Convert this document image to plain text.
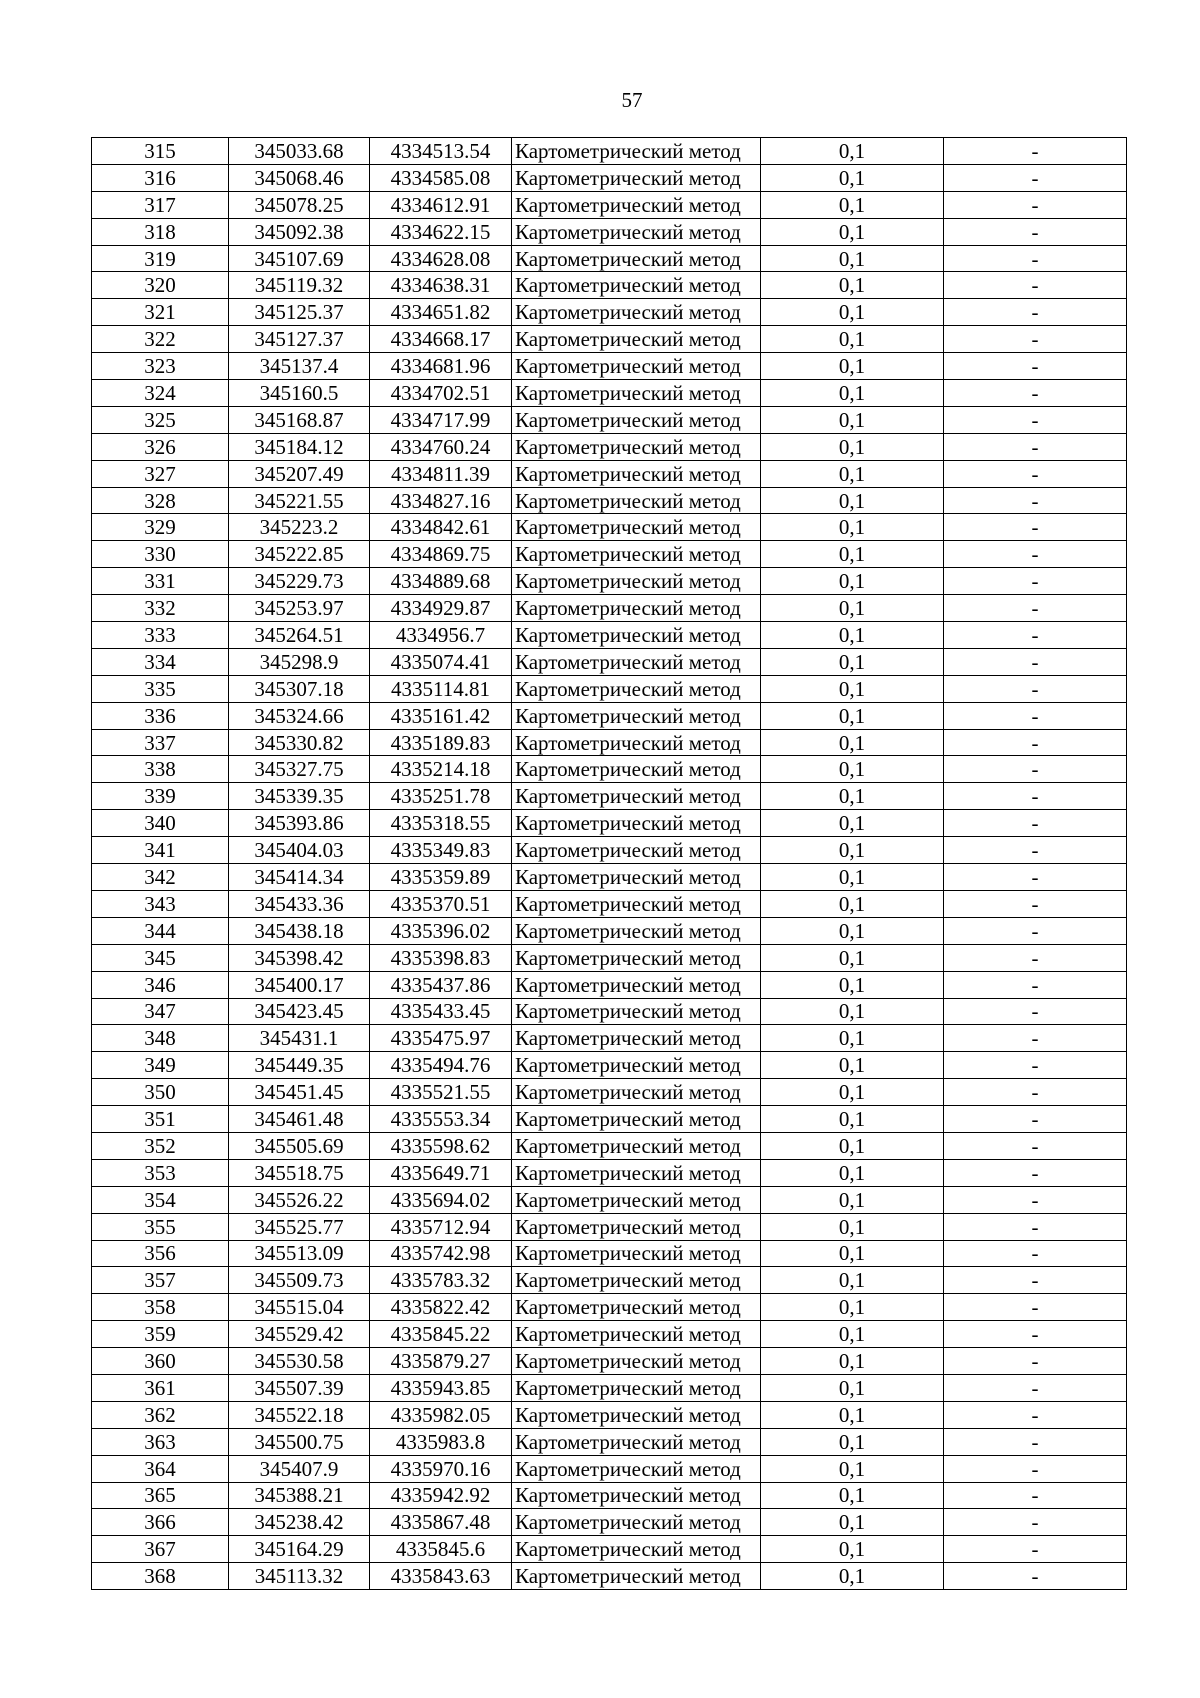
57
315	345033.68	4334513.54	Картометрический метод	0,1	-
316	345068.46	4334585.08	Картометрический метод	0,1	-
317	345078.25	4334612.91	Картометрический метод	0,1	-
318	345092.38	4334622.15	Картометрический метод	0,1	-
319	345107.69	4334628.08	Картометрический метод	0,1	-
320	345119.32	4334638.31	Картометрический метод	0,1	-
321	345125.37	4334651.82	Картометрический метод	0,1	-
322	345127.37	4334668.17	Картометрический метод	0,1	-
323	345137.4	4334681.96	Картометрический метод	0,1	-
324	345160.5	4334702.51	Картометрический метод	0,1	-
325	345168.87	4334717.99	Картометрический метод	0,1	-
326	345184.12	4334760.24	Картометрический метод	0,1	-
327	345207.49	4334811.39	Картометрический метод	0,1	-
328	345221.55	4334827.16	Картометрический метод	0,1	-
329	345223.2	4334842.61	Картометрический метод	0,1	-
330	345222.85	4334869.75	Картометрический метод	0,1	-
331	345229.73	4334889.68	Картометрический метод	0,1	-
332	345253.97	4334929.87	Картометрический метод	0,1	-
333	345264.51	4334956.7	Картометрический метод	0,1	-
334	345298.9	4335074.41	Картометрический метод	0,1	-
335	345307.18	4335114.81	Картометрический метод	0,1	-
336	345324.66	4335161.42	Картометрический метод	0,1	-
337	345330.82	4335189.83	Картометрический метод	0,1	-
338	345327.75	4335214.18	Картометрический метод	0,1	-
339	345339.35	4335251.78	Картометрический метод	0,1	-
340	345393.86	4335318.55	Картометрический метод	0,1	-
341	345404.03	4335349.83	Картометрический метод	0,1	-
342	345414.34	4335359.89	Картометрический метод	0,1	-
343	345433.36	4335370.51	Картометрический метод	0,1	-
344	345438.18	4335396.02	Картометрический метод	0,1	-
345	345398.42	4335398.83	Картометрический метод	0,1	-
346	345400.17	4335437.86	Картометрический метод	0,1	-
347	345423.45	4335433.45	Картометрический метод	0,1	-
348	345431.1	4335475.97	Картометрический метод	0,1	-
349	345449.35	4335494.76	Картометрический метод	0,1	-
350	345451.45	4335521.55	Картометрический метод	0,1	-
351	345461.48	4335553.34	Картометрический метод	0,1	-
352	345505.69	4335598.62	Картометрический метод	0,1	-
353	345518.75	4335649.71	Картометрический метод	0,1	-
354	345526.22	4335694.02	Картометрический метод	0,1	-
355	345525.77	4335712.94	Картометрический метод	0,1	-
356	345513.09	4335742.98	Картометрический метод	0,1	-
357	345509.73	4335783.32	Картометрический метод	0,1	-
358	345515.04	4335822.42	Картометрический метод	0,1	-
359	345529.42	4335845.22	Картометрический метод	0,1	-
360	345530.58	4335879.27	Картометрический метод	0,1	-
361	345507.39	4335943.85	Картометрический метод	0,1	-
362	345522.18	4335982.05	Картометрический метод	0,1	-
363	345500.75	4335983.8	Картометрический метод	0,1	-
364	345407.9	4335970.16	Картометрический метод	0,1	-
365	345388.21	4335942.92	Картометрический метод	0,1	-
366	345238.42	4335867.48	Картометрический метод	0,1	-
367	345164.29	4335845.6	Картометрический метод	0,1	-
368	345113.32	4335843.63	Картометрический метод	0,1	-
